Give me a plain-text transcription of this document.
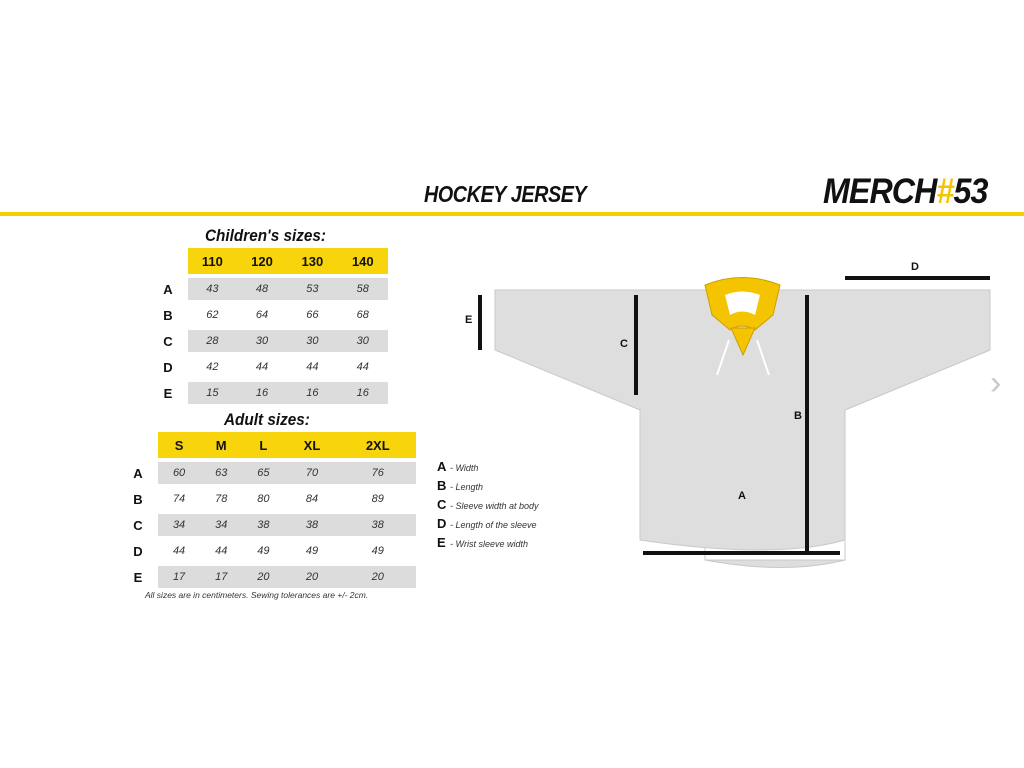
HOCKEY JERSEY	MERCH#53
Children's sizes:
	110	120	130	140
A	43	48	53	58
B	62	64	66	68
C	28	30	30	30
D	42	44	44	44
E	15	16	16	16
Adult sizes:
	S	M	L	XL	2XL
A	60	63	65	70	76
B	74	78	80	84	89
C	34	34	38	38	38
D	44	44	49	49	49
E	17	17	20	20	20
All sizes are in centimeters. Sewing tolerances are +/- 2cm.
A - Width
B - Length
C - Sleeve width at body
D - Length of the sleeve
E - Wrist sleeve width
A
B
C
D
E
›
